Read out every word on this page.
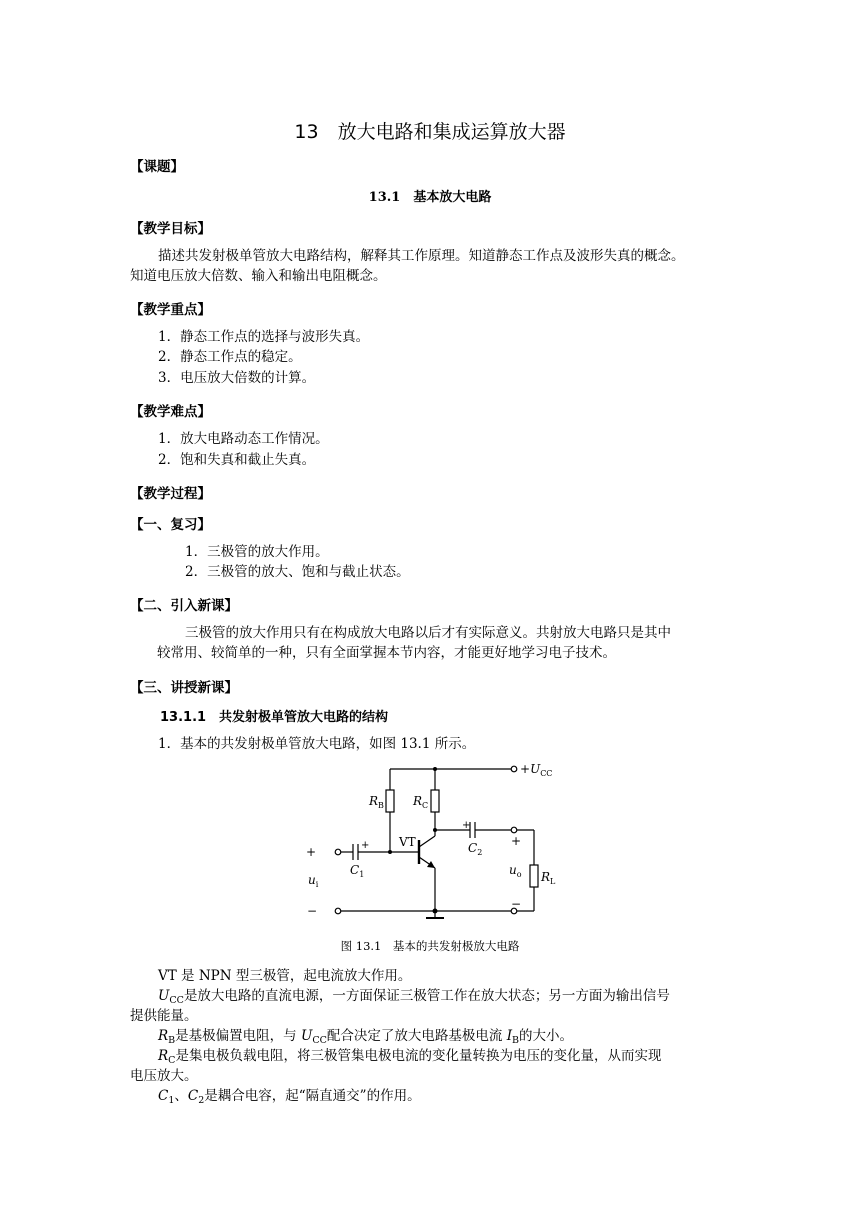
13　放大电路和集成运算放大器
【课题】
13.1　基本放大电路
【教学目标】
描述共发射极单管放大电路结构，解释其工作原理。知道静态工作点及波形失真的概念。
知道电压放大倍数、输入和输出电阻概念。
【教学重点】
1．静态工作点的选择与波形失真。
2．静态工作点的稳定。
3．电压放大倍数的计算。
【教学难点】
1．放大电路动态工作情况。
2．饱和失真和截止失真。
【教学过程】
【一、复习】
1．三极管的放大作用。
2．三极管的放大、饱和与截止状态。
【二、引入新课】
三极管的放大作用只有在构成放大电路以后才有实际意义。共射放大电路只是其中
较常用、较简单的一种，只有全面掌握本节内容，才能更好地学习电子技术。
【三、讲授新课】
13.1.1　共发射极单管放大电路的结构
1．基本的共发射极单管放大电路，如图 13.1 所示。
$+U_{CC}$
$R_B$ $R_C$
VT
$C_1$
$C_2$
$u_i$
$u_o$ $R_L$
+
−
+
+
+
−
图 13.1　基本的共发射极放大电路
VT 是 NPN 型三极管，起电流放大作用。
$U_{CC}$是放大电路的直流电源，一方面保证三极管工作在放大状态；另一方面为输出信号
提供能量。
$R_B$是基极偏置电阻，与 $U_{CC}$配合决定了放大电路基极电流 $I_B$的大小。
$R_C$是集电极负载电阻，将三极管集电极电流的变化量转换为电压的变化量，从而实现
电压放大。
$C_1$、$C_2$是耦合电容，起“隔直通交”的作用。
